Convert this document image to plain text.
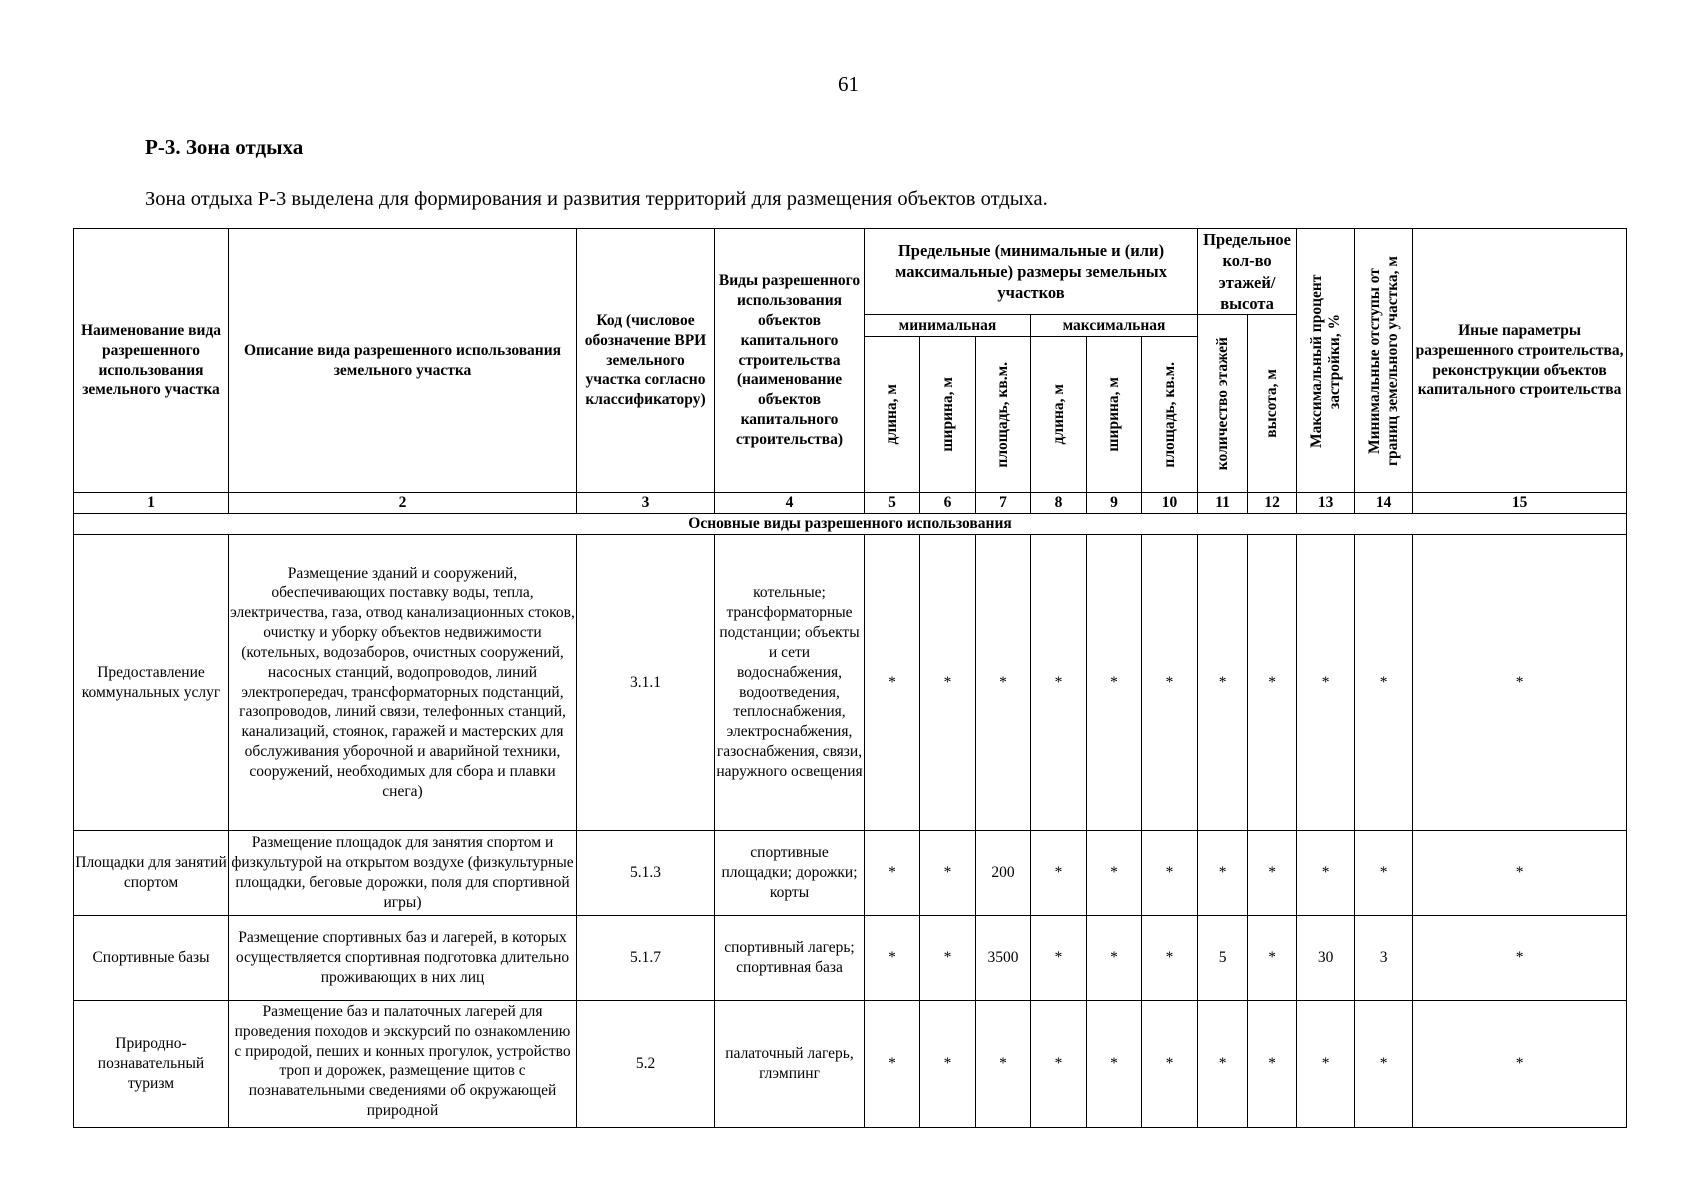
61
Р-3. Зона отдыха
Зона отдыха Р-3 выделена для формирования и развития территорий для размещения объектов отдыха.
Наименование вида разрешенного использования земельного участка	Описание вида разрешенного использования земельного участка	Код (числовое обозначение ВРИ земельного участка согласно классификатору)	Виды разрешенного использования объектов капитального строительства (наименование объектов капитального строительства)	Предельные (минимальные и (или) максимальные) размеры земельных участков						Предельное кол-во этажей/ высота		Максимальный процент застройки, %	Минимальные отступы от границ земельного участка, м	Иные параметры разрешенного строительства, реконструкции объектов капитального строительства
				минимальная			максимальная			количество этажей	высота, м			

				длина, м	ширина, м	площадь, кв.м.	длина, м	ширина, м	площадь, кв.м.					

1	2	3	4	5	6	7	8	9	10	11	12	13	14	15
Основные виды разрешенного использования														
Предоставление коммунальных услуг	Размещение зданий и сооружений, обеспечивающих поставку воды, тепла, электричества, газа, отвод канализационных стоков, очистку и уборку объектов недвижимости (котельных, водозаборов, очистных сооружений, насосных станций, водопроводов, линий электропередач, трансформаторных подстанций, газопроводов, линий связи, телефонных станций, канализаций, стоянок, гаражей и мастерских для обслуживания уборочной и аварийной техники, сооружений, необходимых для сбора и плавки снега)	3.1.1	котельные; трансформаторные подстанции; объекты и сети водоснабжения, водоотведения, теплоснабжения, электроснабжения, газоснабжения, связи, наружного освещения	*	*	*	*	*	*	*	*	*	*	*
Площадки для занятий спортом	Размещение площадок для занятия спортом и физкультурой на открытом воздухе (физкультурные площадки, беговые дорожки, поля для спортивной игры)	5.1.3	спортивные площадки; дорожки; корты	*	*	200	*	*	*	*	*	*	*	*
Спортивные базы	Размещение спортивных баз и лагерей, в которых осуществляется спортивная подготовка длительно проживающих в них лиц	5.1.7	спортивный лагерь; спортивная база	*	*	3500	*	*	*	5	*	30	3	*
Природно-познавательный туризм	Размещение баз и палаточных лагерей для проведения походов и экскурсий по ознакомлению с природой, пеших и конных прогулок, устройство троп и дорожек, размещение щитов с познавательными сведениями об окружающей природной	5.2	палаточный лагерь, глэмпинг	*	*	*	*	*	*	*	*	*	*	*
